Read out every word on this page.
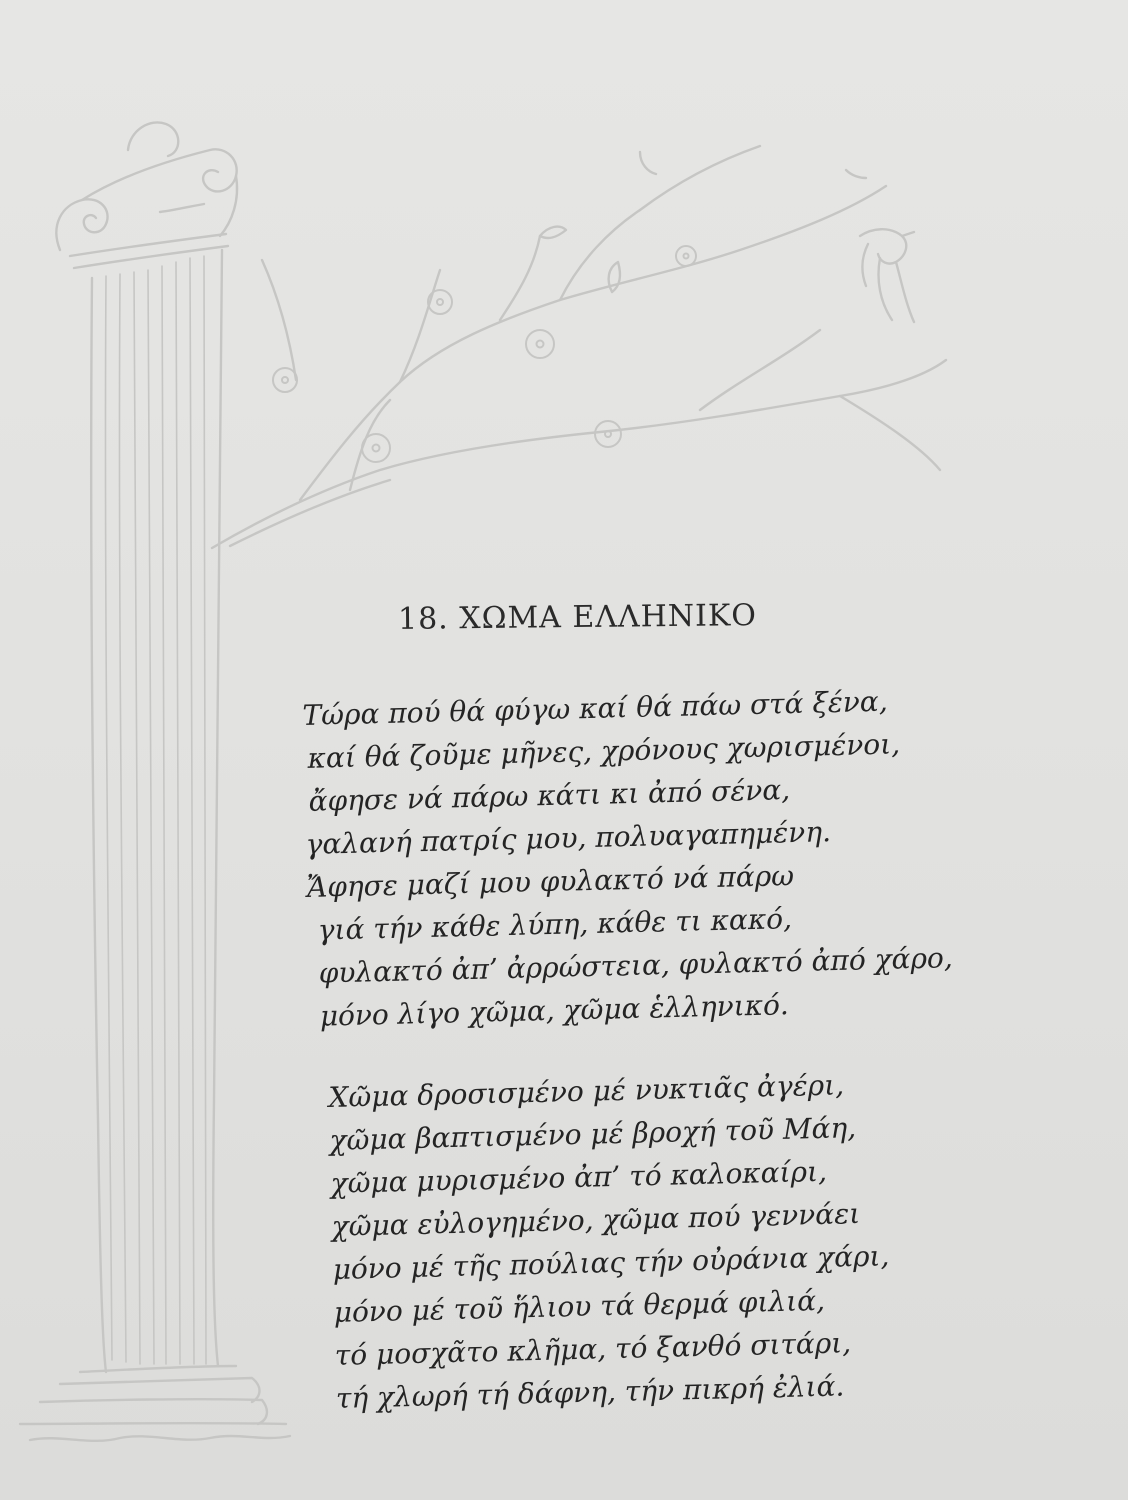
18. ΧΩΜΑ ΕΛΛΗΝΙΚΟ
Τώρα πού θά φύγω καί θά πάω στά ξένα,
καί θά ζοῦμε μῆνες, χρόνους χωρισμένοι,
ἄφησε νά πάρω κάτι κι ἀπό σένα,
γαλανή πατρίς μου, πολυαγαπημένη.
Ἄφησε μαζί μου φυλακτό νά πάρω
γιά τήν κάθε λύπη, κάθε τι κακό,
φυλακτό ἀπ’ ἀρρώστεια, φυλακτό ἀπό χάρο,
μόνο λίγο χῶμα, χῶμα ἑλληνικό.
Χῶμα δροσισμένο μέ νυκτιᾶς ἀγέρι,
χῶμα βαπτισμένο μέ βροχή τοῦ Μάη,
χῶμα μυρισμένο ἀπ’ τό καλοκαίρι,
χῶμα εὐλογημένο, χῶμα πού γεννάει
μόνο μέ τῆς πούλιας τήν οὐράνια χάρι,
μόνο μέ τοῦ ἥλιου τά θερμά φιλιά,
τό μοσχᾶτο κλῆμα, τό ξανθό σιτάρι,
τή χλωρή τή δάφνη, τήν πικρή ἐλιά.
